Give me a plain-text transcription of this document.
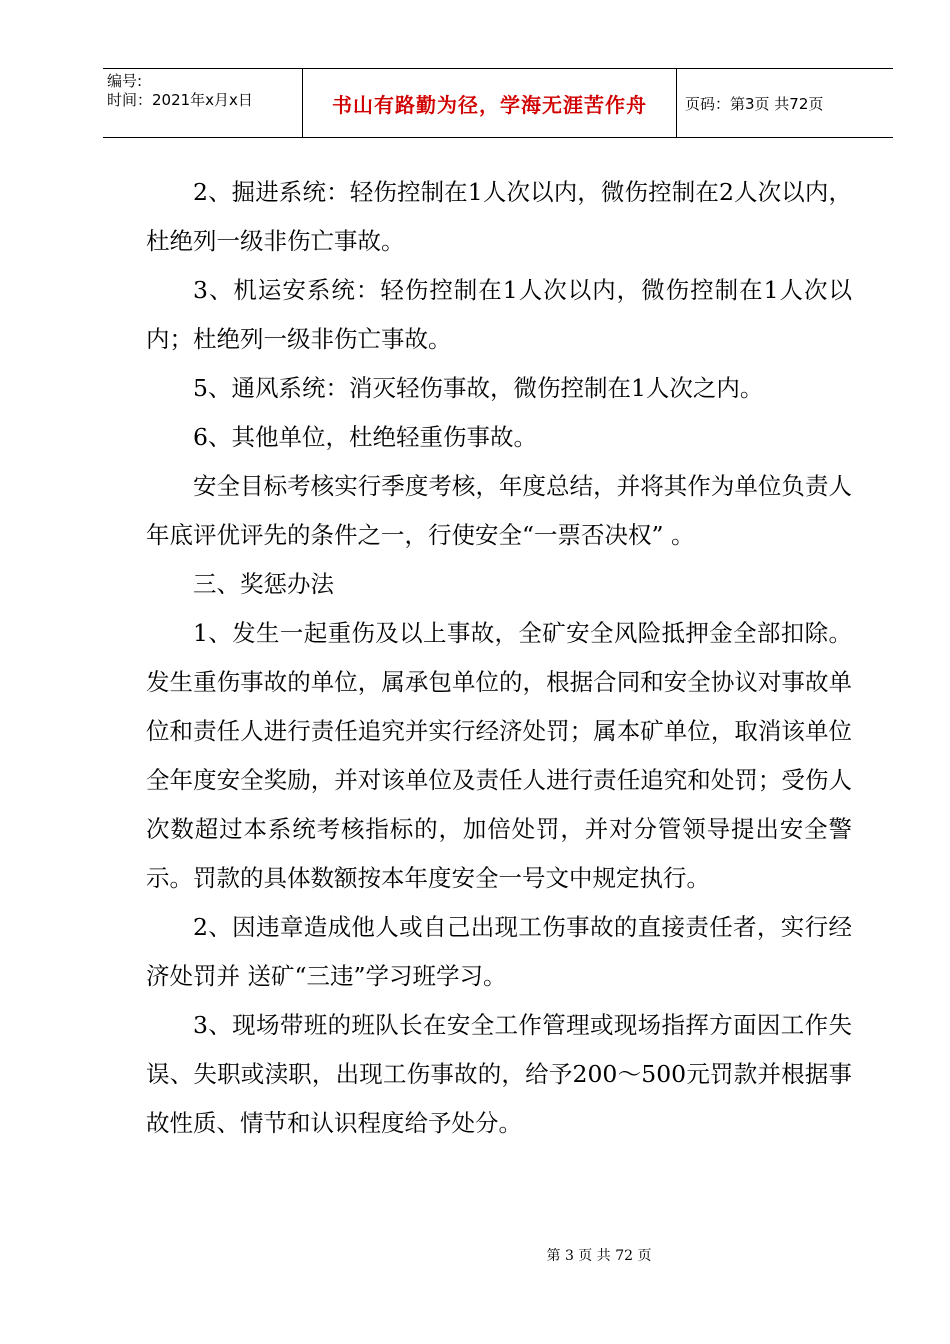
编号:
时间：2021年x月x日	书山有路勤为径，学海无涯苦作舟	页码：第3页 共72页

2、掘进系统：轻伤控制在1人次以内，微伤控制在2人次以内，杜绝列一级非伤亡事故。

3、机运安系统：轻伤控制在1人次以内，微伤控制在1人次以内；杜绝列一级非伤亡事故。

5、通风系统：消灭轻伤事故，微伤控制在1人次之内。

6、其他单位，杜绝轻重伤事故。

安全目标考核实行季度考核，年度总结，并将其作为单位负责人年底评优评先的条件之一，行使安全“一票否决权” 。

三、奖惩办法

1、发生一起重伤及以上事故，全矿安全风险抵押金全部扣除。发生重伤事故的单位，属承包单位的，根据合同和安全协议对事故单位和责任人进行责任追究并实行经济处罚；属本矿单位，取消该单位全年度安全奖励，并对该单位及责任人进行责任追究和处罚；受伤人次数超过本系统考核指标的，加倍处罚，并对分管领导提出安全警示。罚款的具体数额按本年度安全一号文中规定执行。

2、因违章造成他人或自己出现工伤事故的直接责任者，实行经济处罚并 送矿“三违”学习班学习。

3、现场带班的班队长在安全工作管理或现场指挥方面因工作失误、失职或渎职，出现工伤事故的，给予200～500元罚款并根据事故性质、情节和认识程度给予处分。

第 3 页 共 72 页
